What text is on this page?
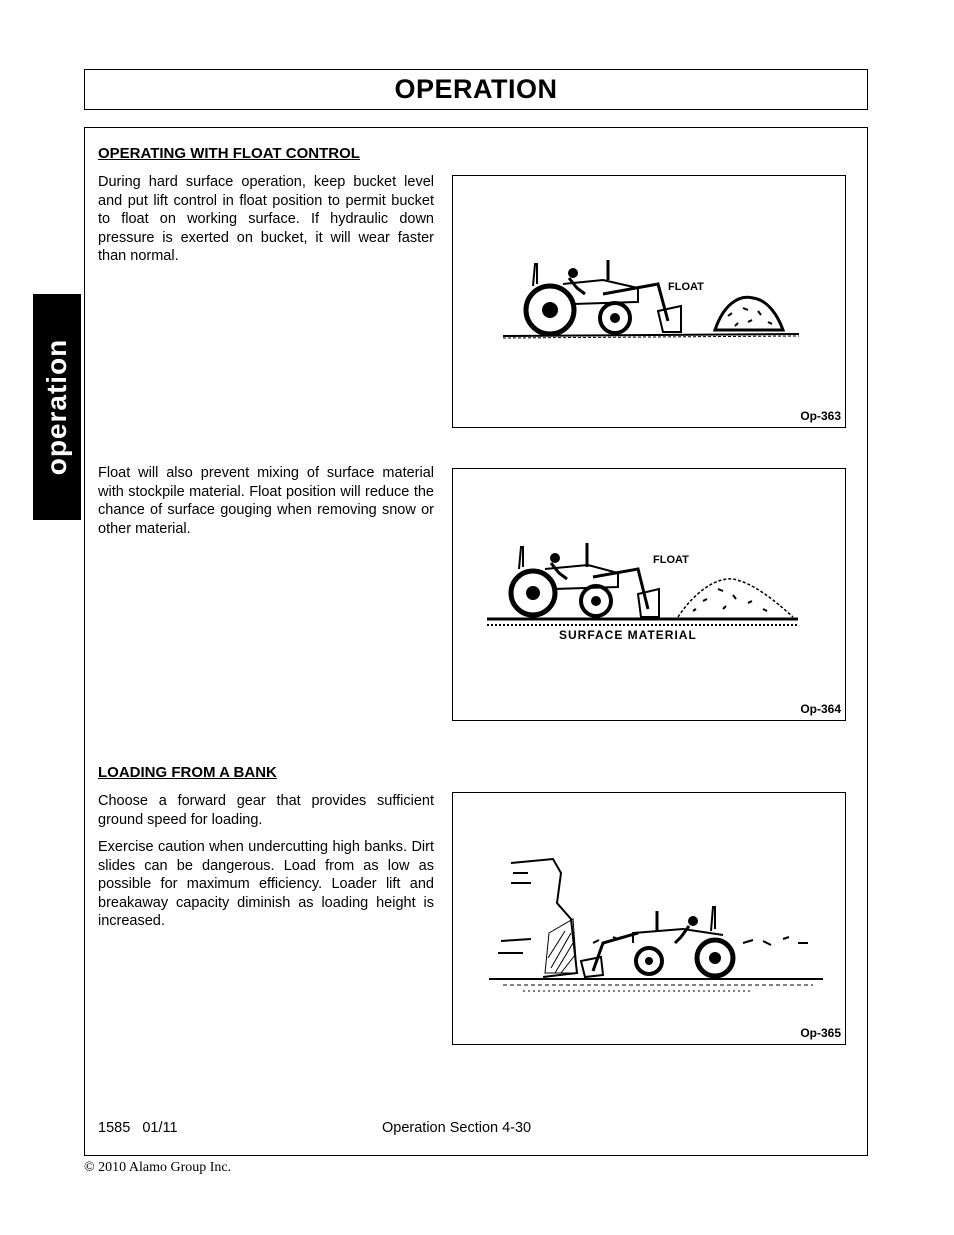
OPERATION
operation
OPERATING WITH FLOAT CONTROL

During hard surface operation, keep bucket level and put lift control in float position to permit bucket to float on working surface. If hydraulic down pressure is exerted on bucket, it will wear faster than normal.

Float will also prevent mixing of surface material with stockpile material. Float position will reduce the chance of surface gouging when removing snow or other material.

FLOAT
Op-363
FLOAT
SURFACE MATERIAL
Op-364
LOADING FROM A BANK

Choose a forward gear that provides sufficient ground speed for loading.

Exercise caution when undercutting high banks. Dirt slides can be dangerous. Load from as low as possible for maximum efficiency. Loader lift and breakaway capacity diminish as loading height is increased.

Op-365
1585   01/11	Operation Section 4-30
© 2010 Alamo Group Inc.
